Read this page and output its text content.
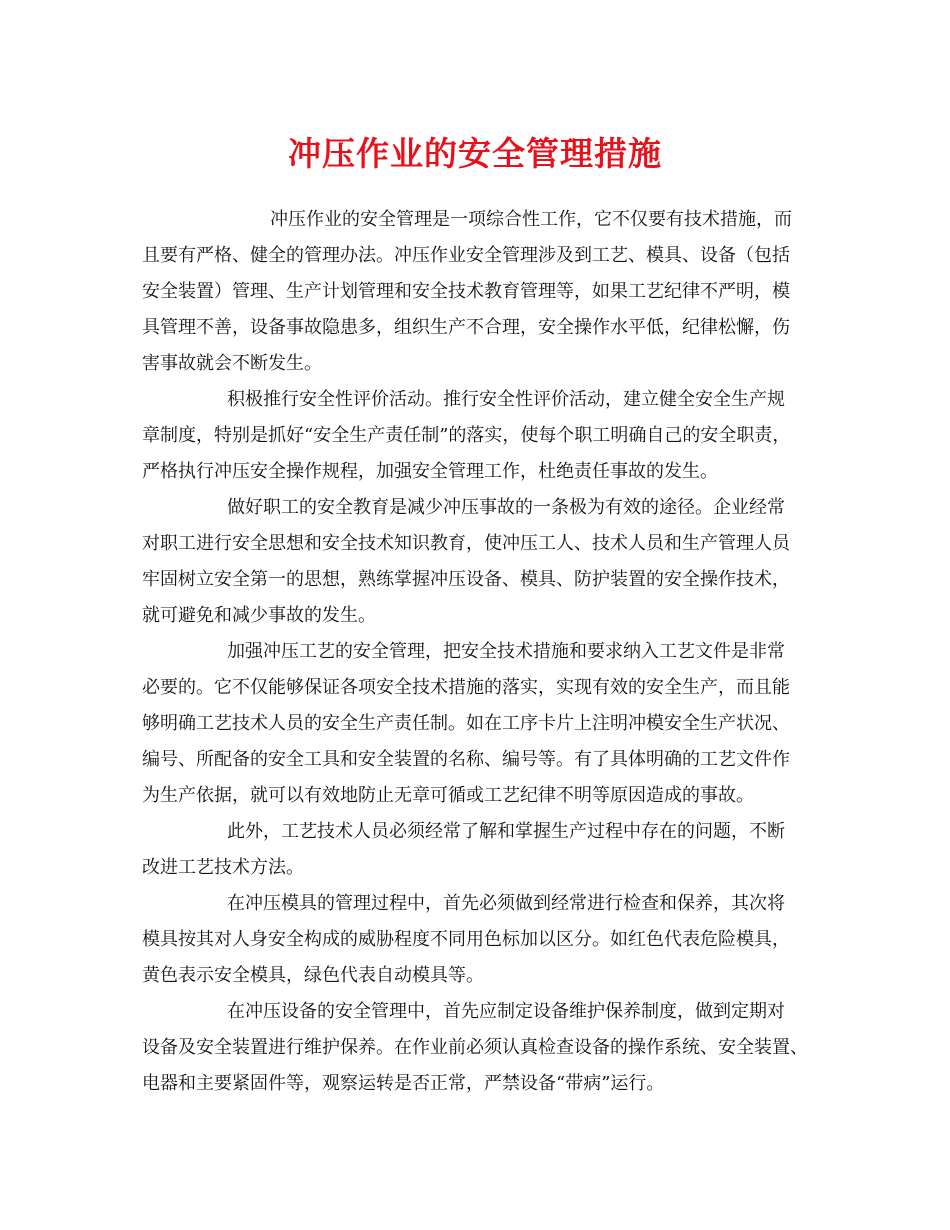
冲压作业的安全管理措施
冲压作业的安全管理是一项综合性工作，它不仅要有技术措施，而
且要有严格、健全的管理办法。冲压作业安全管理涉及到工艺、模具、设备（包括
安全装置）管理、生产计划管理和安全技术教育管理等，如果工艺纪律不严明，模
具管理不善，设备事故隐患多，组织生产不合理，安全操作水平低，纪律松懈，伤
害事故就会不断发生。
积极推行安全性评价活动。推行安全性评价活动，建立健全安全生产规
章制度，特别是抓好“安全生产责任制”的落实，使每个职工明确自己的安全职责，
严格执行冲压安全操作规程，加强安全管理工作，杜绝责任事故的发生。
做好职工的安全教育是减少冲压事故的一条极为有效的途径。企业经常
对职工进行安全思想和安全技术知识教育，使冲压工人、技术人员和生产管理人员
牢固树立安全第一的思想，熟练掌握冲压设备、模具、防护装置的安全操作技术，
就可避免和减少事故的发生。
加强冲压工艺的安全管理，把安全技术措施和要求纳入工艺文件是非常
必要的。它不仅能够保证各项安全技术措施的落实，实现有效的安全生产，而且能
够明确工艺技术人员的安全生产责任制。如在工序卡片上注明冲模安全生产状况、
编号、所配备的安全工具和安全装置的名称、编号等。有了具体明确的工艺文件作
为生产依据，就可以有效地防止无章可循或工艺纪律不明等原因造成的事故。
此外，工艺技术人员必须经常了解和掌握生产过程中存在的问题，不断
改进工艺技术方法。
在冲压模具的管理过程中，首先必须做到经常进行检查和保养，其次将
模具按其对人身安全构成的威胁程度不同用色标加以区分。如红色代表危险模具，
黄色表示安全模具，绿色代表自动模具等。
在冲压设备的安全管理中，首先应制定设备维护保养制度，做到定期对
设备及安全装置进行维护保养。在作业前必须认真检查设备的操作系统、安全装置、
电器和主要紧固件等，观察运转是否正常，严禁设备“带病”运行。
